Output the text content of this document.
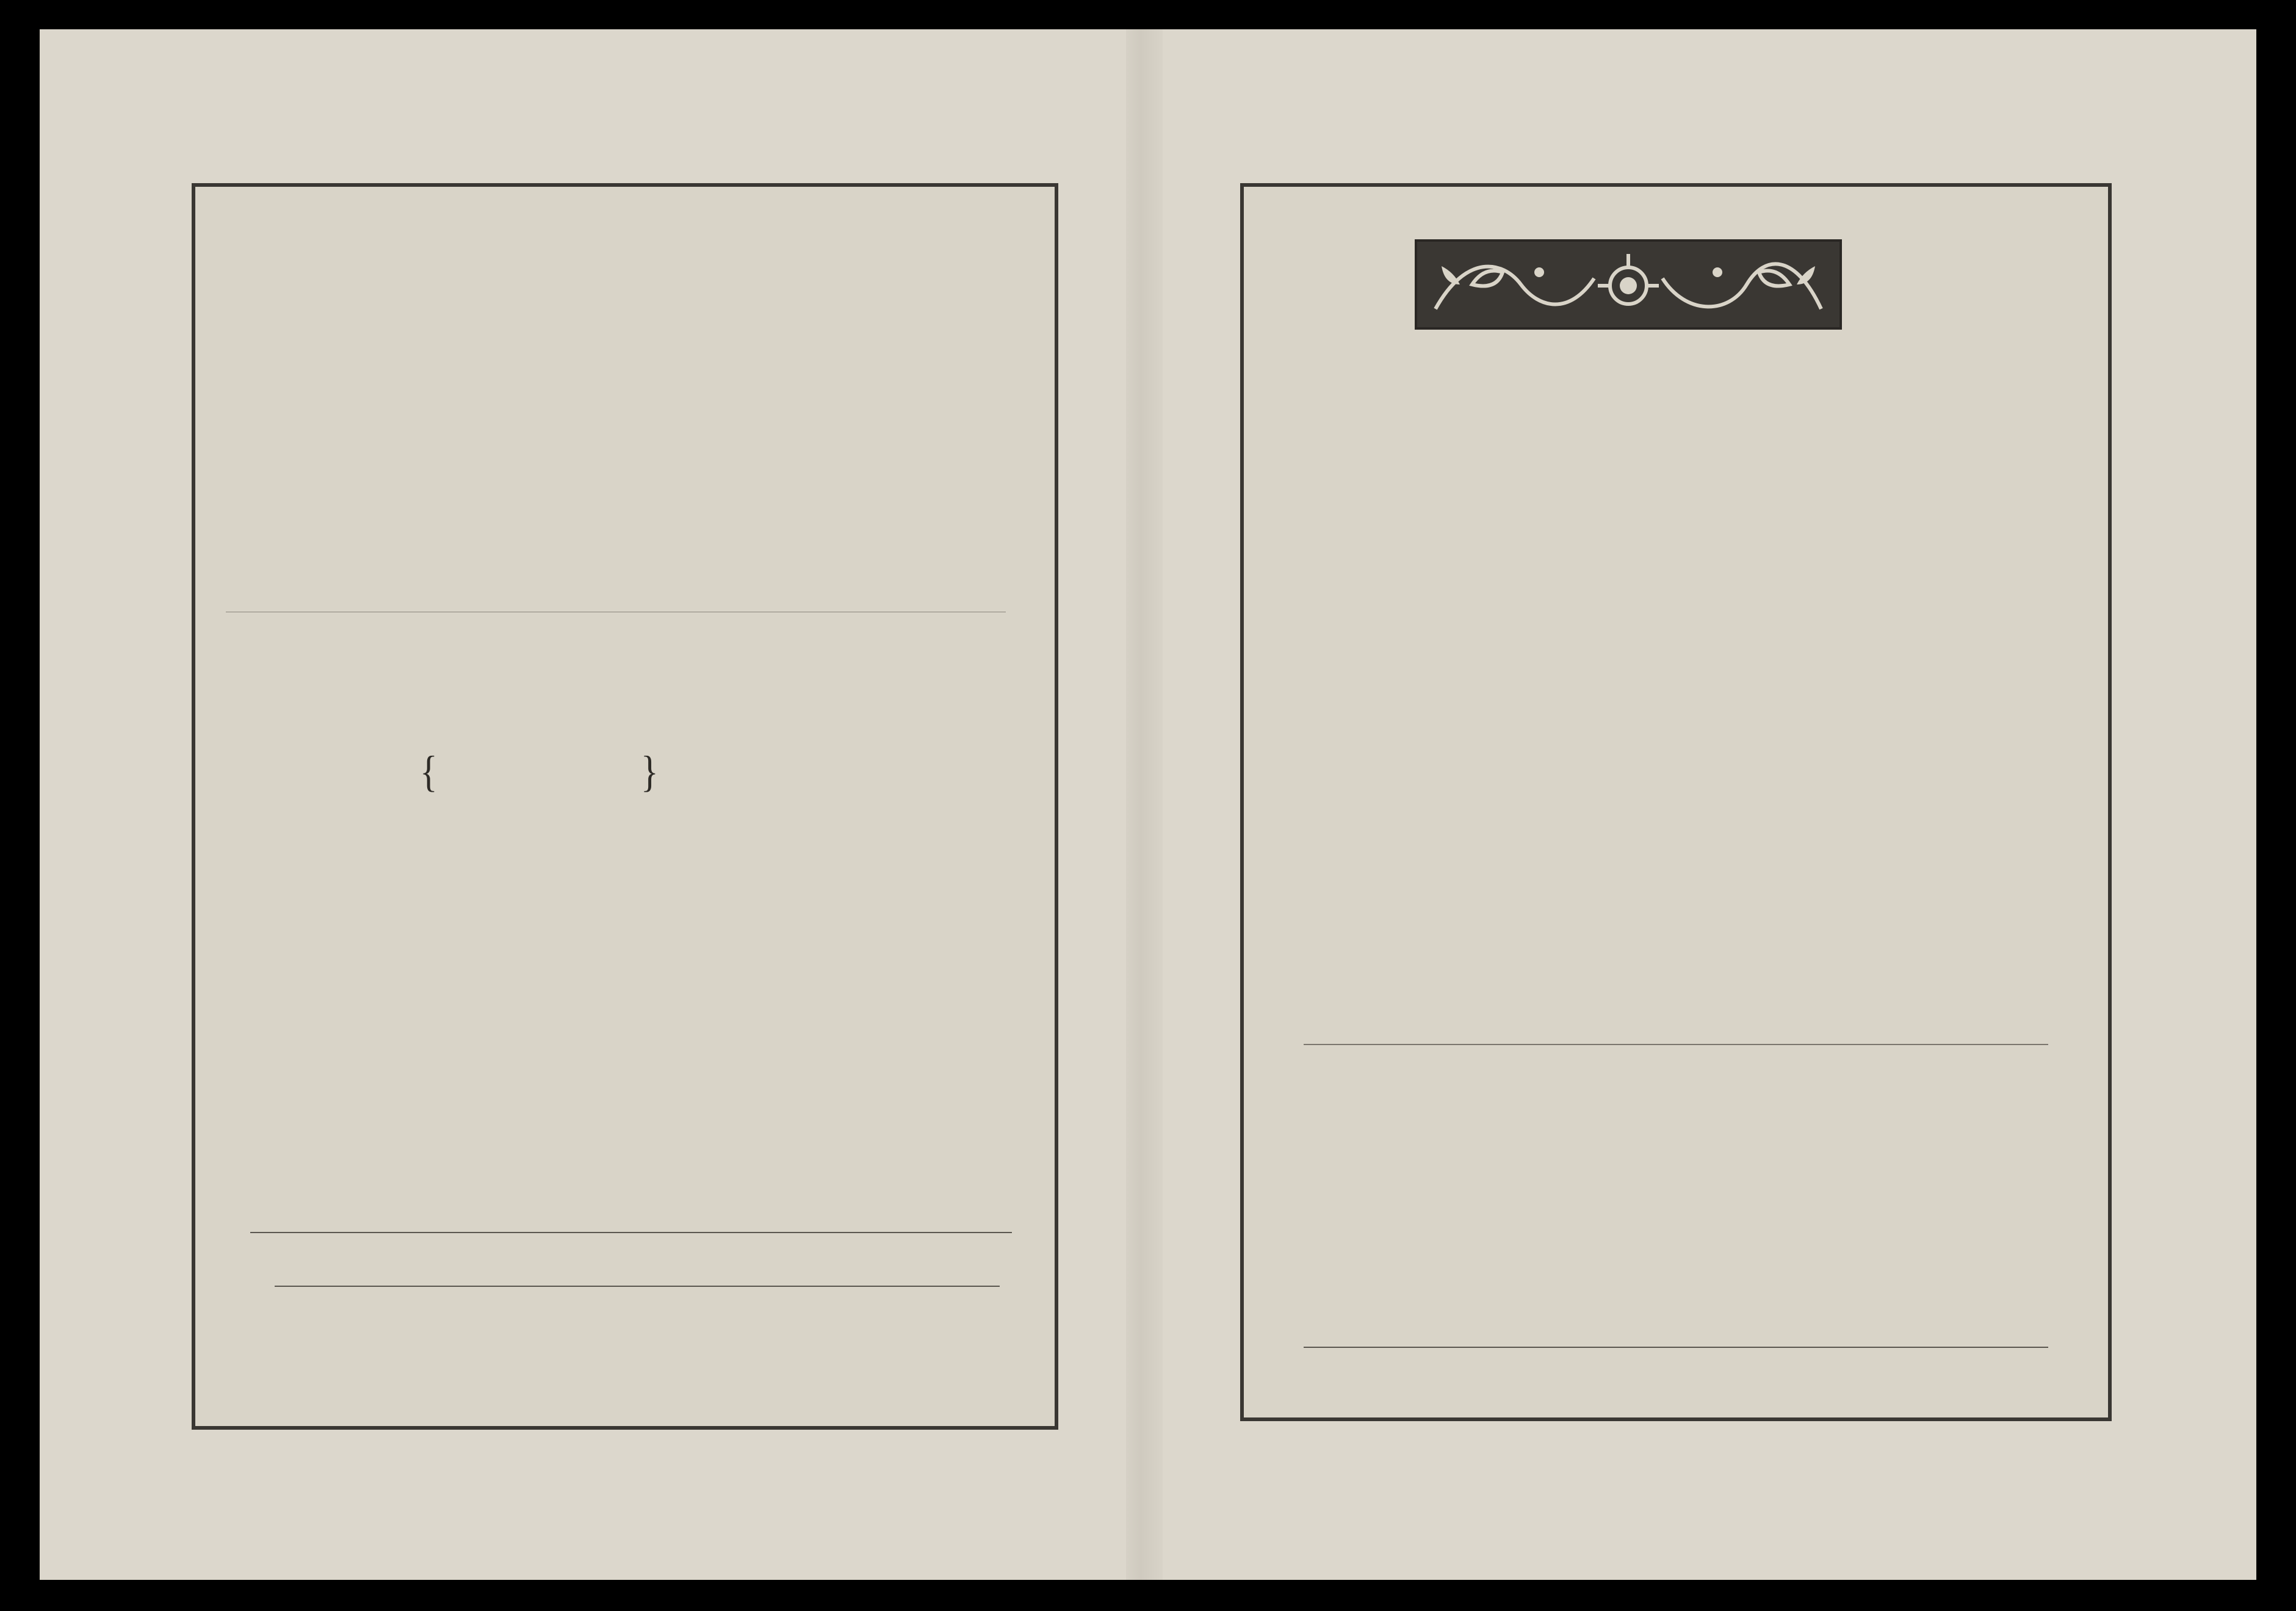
{	}
